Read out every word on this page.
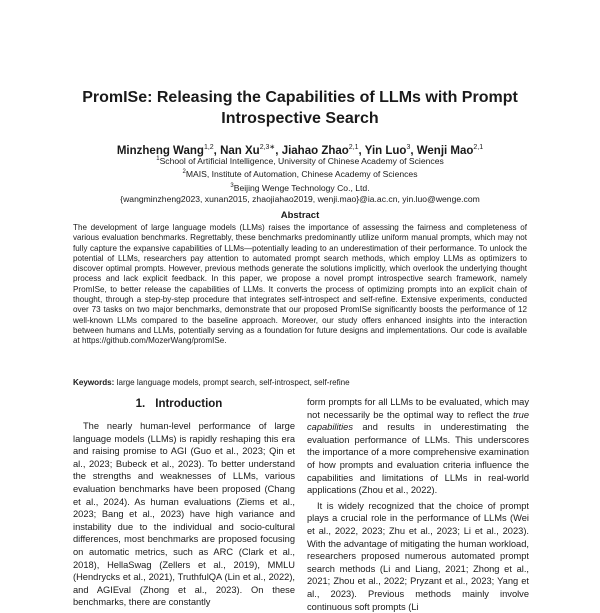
PromISe: Releasing the Capabilities of LLMs with Prompt Introspective Search
Minzheng Wang$^{1,2}$, Nan $Xu^{2,3∗}$, Jiahao Zhao$^{2,1}$, Yin Luo$^3$, Wenji Mao$^{2,1}$
$^1$School of Artificial Intelligence, University of Chinese Academy of Sciences
$^2$MAIS, Institute of Automation, Chinese Academy of Sciences
$^3$Beijing Wenge Technology Co., Ltd.
{wangminzheng2023, xunan2015, zhaojiahao2019, wenji.mao}@ia.ac.cn, yin.luo@wenge.com
Abstract

The development of large language models (LLMs) raises the importance of assessing the fairness and completeness of various evaluation benchmarks. Regrettably, these benchmarks predominantly utilize uniform manual prompts, which may not fully capture the expansive capabilities of LLMs—potentially leading to an underestimation of their performance. To unlock the potential of LLMs, researchers pay attention to automated prompt search methods, which employ LLMs as optimizers to discover optimal prompts. However, previous methods generate the solutions implicitly, which overlook the underlying thought process and lack explicit feedback. In this paper, we propose a novel prompt introspective search framework, namely PromISe, to better release the capabilities of LLMs. It converts the process of optimizing prompts into an explicit chain of thought, through a step-by-step procedure that integrates self-introspect and self-refine. Extensive experiments, conducted over 73 tasks on two major benchmarks, demonstrate that our proposed PromISe significantly boosts the performance of 12 well-known LLMs compared to the baseline approach. Moreover, our study offers enhanced insights into the interaction between humans and LLMs, potentially serving as a foundation for future designs and implementations. Our code is available at https://github.com/MozerWang/promISe.

Keywords: large language models, prompt search, self-introspect, self-refine

1. Introduction

The nearly human-level performance of large language models (LLMs) is rapidly reshaping this era and raising promise to AGI (Guo et al., 2023; Qin et al., 2023; Bubeck et al., 2023). To better understand the strengths and weaknesses of LLMs, various evaluation benchmarks have been proposed (Chang et al., 2024). As human evaluations (Ziems et al., 2023; Bang et al., 2023) have high variance and instability due to the individual and socio-cultural differences, most benchmarks are proposed focusing on automatic metrics, such as ARC (Clark et al., 2018), HellaSwag (Zellers et al., 2019), MMLU (Hendrycks et al., 2021), TruthfulQA (Lin et al., 2022), and AGIEval (Zhong et al., 2023). On these benchmarks, there are constantly

form prompts for all LLMs to be evaluated, which may not necessarily be the optimal way to reflect the true capabilities and results in underestimating the evaluation performance of LLMs. This underscores the importance of a more comprehensive examination of how prompts and evaluation criteria influence the capabilities and limitations of LLMs in real-world applications (Zhou et al., 2022).

It is widely recognized that the choice of prompt plays a crucial role in the performance of LLMs (Wei et al., 2022, 2023; Zhu et al., 2023; Li et al., 2023). With the advantage of mitigating the human workload, researchers proposed numerous automated prompt search methods (Li and Liang, 2021; Zhong et al., 2021; Zhou et al., 2022; Pryzant et al., 2023; Yang et al., 2023). Previous methods mainly involve continuous soft prompts (Li
